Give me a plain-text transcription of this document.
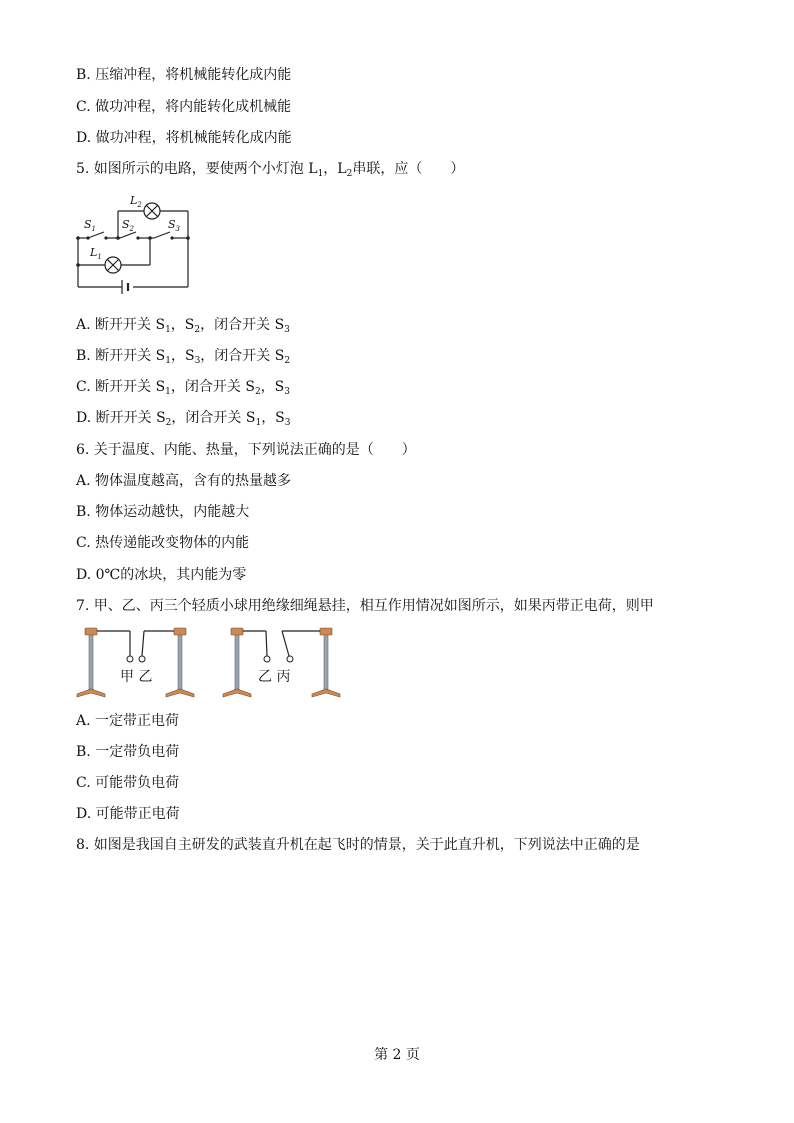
B. 压缩冲程，将机械能转化成内能
C. 做功冲程，将内能转化成机械能
D. 做功冲程，将机械能转化成内能
5. 如图所示的电路，要使两个小灯泡 $L_1$，$L_2$串联，应（　　）
$S_1$ $S_2$	$S_3$
$L_2$
$L_1$
A. 断开开关 $S_1$，$S_2$，闭合开关 $S_3$
B. 断开开关 $S_1$，$S_3$，闭合开关 $S_2$
C. 断开开关 $S_1$，闭合开关 $S_2$，$S_3$
D. 断开开关 $S_2$，闭合开关 $S_1$，$S_3$
6. 关于温度、内能、热量，下列说法正确的是（　　）
A. 物体温度越高，含有的热量越多
B. 物体运动越快，内能越大
C. 热传递能改变物体的内能
D. 0℃的冰块，其内能为零
7. 甲、乙、丙三个轻质小球用绝缘细绳悬挂，相互作用情况如图所示，如果丙带正电荷，则甲
甲 乙	乙 丙
A. 一定带正电荷
B. 一定带负电荷
C. 可能带负电荷
D. 可能带正电荷
8. 如图是我国自主研发的武装直升机在起飞时的情景，关于此直升机，下列说法中正确的是
第 2 页
